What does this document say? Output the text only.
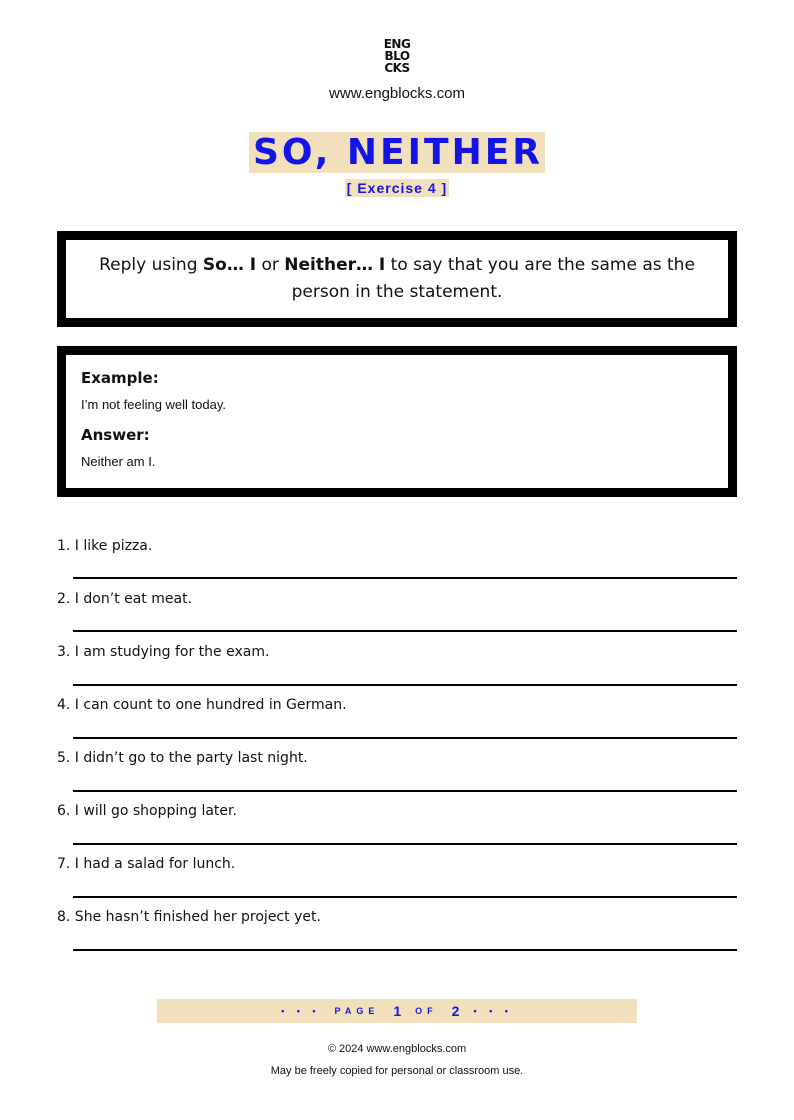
ENG
BLO
CKS
www.engblocks.com
SO, NEITHER
[ Exercise 4 ]

Reply using So… I or Neither… I to say that you are the same as the person in the statement.

Example:
I’m not feeling well today.
Answer:
Neither am I.
1. I like pizza.
2. I don’t eat meat.
3. I am studying for the exam.
4. I can count to one hundred in German.
5. I didn’t go to the party last night.
6. I will go shopping later.
7. I had a salad for lunch.
8. She hasn’t finished her project yet.
• • • PAGE 1 OF 2 • • •
© 2024 www.engblocks.com
May be freely copied for personal or classroom use.
